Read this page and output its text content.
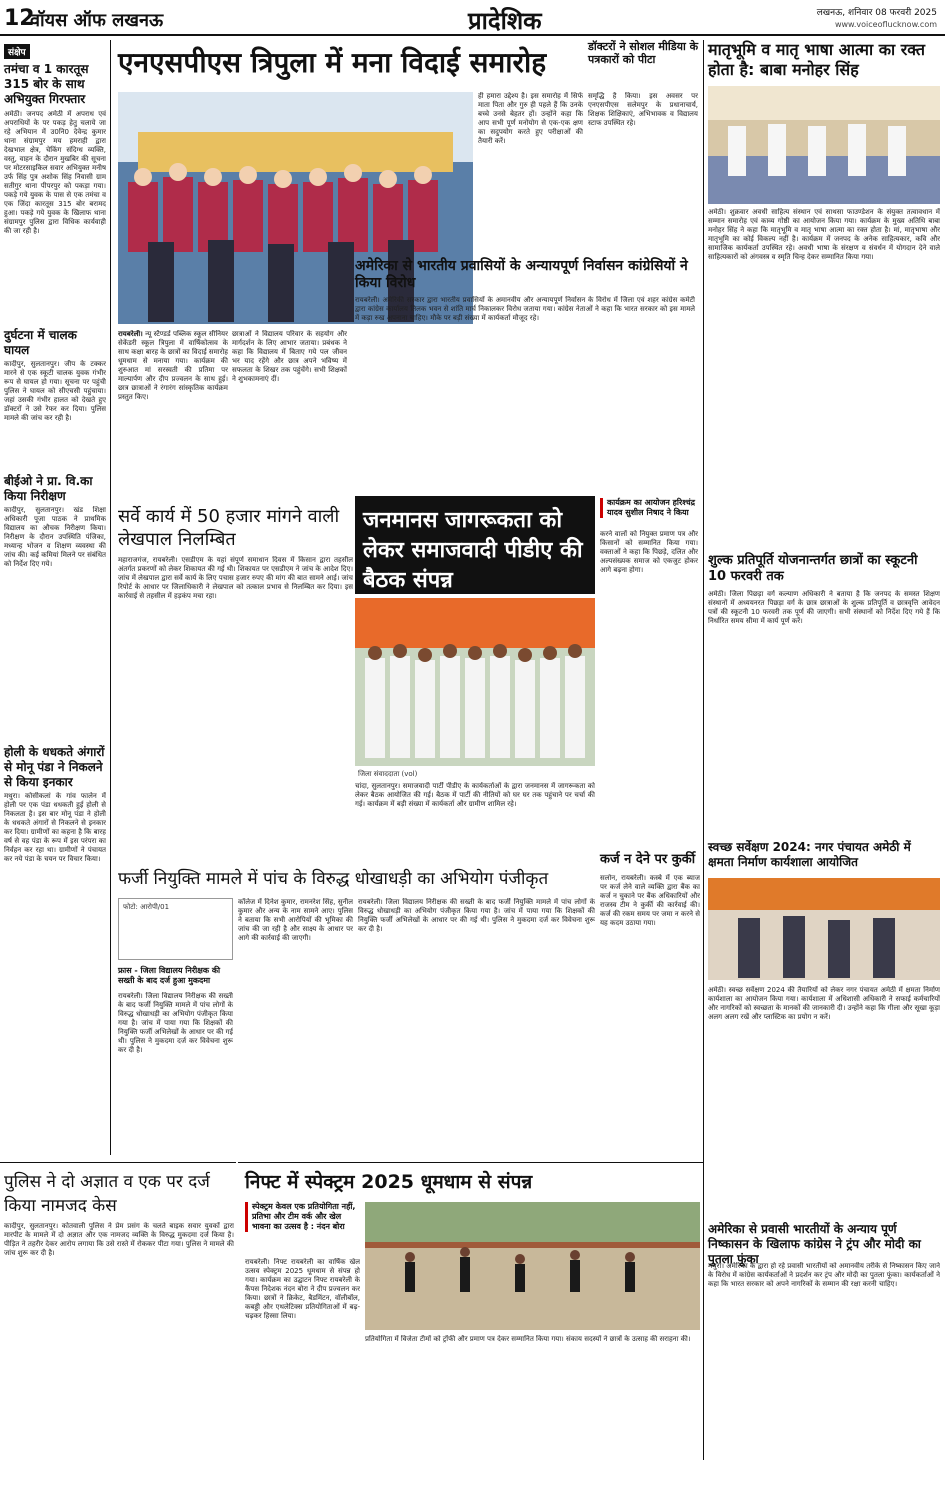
12
वॉयस ऑफ लखनऊ	प्रादेशिक	लखनऊ, शनिवार 08 फरवरी 2025
www.voiceoflucknow.com
संक्षेप
तमंचा व 1 कारतूस 315 बोर के साथ अभियुक्त गिरफ्तार
अमेठी। जनपद अमेठी में अपराध एवं अपराधियों के पर पकड़ हेतु चलाये जा रहे अभियान में उ0नि0 देवेन्द्र कुमार थाना संग्रामपुर मय हमराही द्वारा देखभाल क्षेत्र, चेकिंग संदिग्ध व्यक्ति, वस्तु, वाहन के दौरान मुखबिर की सूचना पर मोटरसाइकिल सवार अभियुक्त मनीष उर्फ सिंह पुत्र अशोक सिंह निवासी ग्राम सतीगुर थाना पीपरपुर को पकड़ा गया। पकड़े गये युवक के पास से एक तमंचा व एक जिंदा कारतूस 315 बोर बरामद हुआ। पकड़े गये युवक के खिलाफ थाना संग्रामपुर पुलिस द्वारा विधिक कार्यवाही की जा रही है।
दुर्घटना में चालक घायल
कादीपुर, सुलतानपुर। जीप के टक्कर मारने से एक स्कूटी चालक युवक गंभीर रूप से घायल हो गया। सूचना पर पहुंची पुलिस ने घायल को सीएचसी पहुंचाया। जहां उसकी गंभीर हालत को देखते हुए डॉक्टरों ने उसे रेफर कर दिया। पुलिस मामले की जांच कर रही है।
बीईओ ने प्रा. वि.का किया निरीक्षण
कादीपुर, सुलतानपुर। खंड शिक्षा अधिकारी पूजा पाठक ने प्राथमिक विद्यालय का औचक निरीक्षण किया। निरीक्षण के दौरान उपस्थिति पंजिका, मध्यान्ह भोजन व शिक्षण व्यवस्था की जांच की। कई कमियां मिलने पर संबंधित को निर्देश दिए गये।
होली के धधकते अंगारों से मोनू पंडा ने निकलने से किया इनकार
मथुरा। कोसीकलां के गांव फालेन में होली पर एक पंडा धधकती हुई होली से निकलता है। इस बार मोनू पंडा ने होली के धधकते अंगारों से निकलने से इनकार कर दिया। ग्रामीणों का कहना है कि बारह वर्ष से वह पंडा के रूप में इस परंपरा का निर्वहन कर रहा था। ग्रामीणों ने पंचायत कर नये पंडा के चयन पर विचार किया।
एनएसपीएस त्रिपुला में मना विदाई समारोह
ही हमारा उद्देश्य है। इस समारोह में सिर्फ माता पिता और गुरु ही पहले हैं कि उनके बच्चे उनसे बेहतर हों। उन्होंने कहा कि आप सभी पूर्ण मनोयोग से एक-एक क्षण का सदुपयोग करते हुए परीक्षाओं की तैयारी करें।
समृद्धि है किया। इस अवसर पर एनएसपीएस सलेमपुर के प्रधानाचार्य, शिक्षक शिक्षिकाएं, अभिभावक व विद्यालय स्टाफ उपस्थित रहे।
रायबरेली। न्यू स्टैण्डर्ड पब्लिक स्कूल सीनियर सेकेंडरी स्कूल त्रिपुला में वार्षिकोत्सव के साथ कक्षा बारह के छात्रों का विदाई समारोह धूमधाम से मनाया गया। कार्यक्रम की शुरुआत मां सरस्वती की प्रतिमा पर माल्यार्पण और दीप प्रज्वलन के साथ हुई। छात्र छात्राओं ने रंगारंग सांस्कृतिक कार्यक्रम प्रस्तुत किए।
छात्राओं ने विद्यालय परिवार के सहयोग और मार्गदर्शन के लिए आभार जताया। प्रबंधक ने कहा कि विद्यालय में बिताए गये पल जीवन भर याद रहेंगे और छात्र अपने भविष्य में सफलता के शिखर तक पहुंचेंगे। सभी शिक्षकों ने शुभकामनाएं दीं।
सर्वे कार्य में 50 हजार मांगने वाली लेखपाल निलम्बित
महाराजगंज, रायबरेली। एसडीएम के यहां संपूर्ण समाधान दिवस में किसान द्वारा तहसील अंतर्गत प्रकरणों को लेकर शिकायत की गई थी। शिकायत पर एसडीएम ने जांच के आदेश दिए। जांच में लेखपाल द्वारा सर्वे कार्य के लिए पचास हजार रुपए की मांग की बात सामने आई। जांच रिपोर्ट के आधार पर जिलाधिकारी ने लेखपाल को तत्काल प्रभाव से निलम्बित कर दिया। इस कार्रवाई से तहसील में हड़कंप मचा रहा।
अमेरिका से भारतीय प्रवासियों के अन्यायपूर्ण निर्वासन कांग्रेसियों ने किया विरोध
रायबरेली। अमेरिकी सरकार द्वारा भारतीय प्रवासियों के अमानवीय और अन्यायपूर्ण निर्वासन के विरोध में जिला एवं शहर कांग्रेस कमेटी द्वारा कांग्रेस कार्यालय तिलक भवन से शांति मार्च निकालकर विरोध जताया गया। कांग्रेस नेताओं ने कहा कि भारत सरकार को इस मामले में कड़ा रुख अपनाना चाहिए। मौके पर बड़ी संख्या में कार्यकर्ता मौजूद रहे।
जनमानस जागरूकता को लेकर समाजवादी पीडीए की बैठक संपन्न
कार्यक्रम का आयोजन हरिश्चंद्र यादव सुशील निषाद ने किया
जिला संवाददाता (vol)
करने वालों को नियुक्त प्रमाण पत्र और किसानों को सम्मानित किया गया। वक्ताओं ने कहा कि पिछड़े, दलित और अल्पसंख्यक समाज को एकजुट होकर आगे बढ़ना होगा।
चांदा, सुलतानपुर। समाजवादी पार्टी पीडीए के कार्यकर्ताओं के द्वारा जनमानस में जागरूकता को लेकर बैठक आयोजित की गई। बैठक में पार्टी की नीतियों को घर घर तक पहुंचाने पर चर्चा की गई। कार्यक्रम में बड़ी संख्या में कार्यकर्ता और ग्रामीण शामिल रहे।
डॉक्टरों ने सोशल मीडिया के पत्रकारों को पीटा
कर्ज न देने पर कुर्की
सलोन, रायबरेली। कस्बे में एक ब्याज पर कर्ज लेने वाले व्यक्ति द्वारा बैंक का कर्ज न चुकाने पर बैंक अधिकारियों और राजस्व टीम ने कुर्की की कार्रवाई की। कर्ज की रकम समय पर जमा न करने से यह कदम उठाया गया।
फर्जी नियुक्ति मामले में पांच के विरुद्ध धोखाधड़ी का अभियोग पंजीकृत
फोटो: आरोपी/01
फ्रास - जिला विद्यालय निरीक्षक की सख्ती के बाद दर्ज हुआ मुकदमा
रायबरेली। जिला विद्यालय निरीक्षक की सख्ती के बाद फर्जी नियुक्ति मामले में पांच लोगों के विरुद्ध धोखाधड़ी का अभियोग पंजीकृत किया गया है। जांच में पाया गया कि शिक्षकों की नियुक्ति फर्जी अभिलेखों के आधार पर की गई थी। पुलिस ने मुकदमा दर्ज कर विवेचना शुरू कर दी है।
कॉलेज में दिनेश कुमार, रामनरेश सिंह, सुनील कुमार और अन्य के नाम सामने आए। पुलिस ने बताया कि सभी आरोपियों की भूमिका की जांच की जा रही है और साक्ष्य के आधार पर आगे की कार्रवाई की जाएगी।
रायबरेली। जिला विद्यालय निरीक्षक की सख्ती के बाद फर्जी नियुक्ति मामले में पांच लोगों के विरुद्ध धोखाधड़ी का अभियोग पंजीकृत किया गया है। जांच में पाया गया कि शिक्षकों की नियुक्ति फर्जी अभिलेखों के आधार पर की गई थी। पुलिस ने मुकदमा दर्ज कर विवेचना शुरू कर दी है।
पुलिस ने दो अज्ञात व एक पर दर्ज किया नामजद केस
कादीपुर, सुलतानपुर। कोतवाली पुलिस ने प्रेम प्रसंग के चलते बाइक सवार युवकों द्वारा मारपीट के मामले में दो अज्ञात और एक नामजद व्यक्ति के विरुद्ध मुकदमा दर्ज किया है। पीड़ित ने तहरीर देकर आरोप लगाया कि उसे रास्ते में रोककर पीटा गया। पुलिस ने मामले की जांच शुरू कर दी है।
निफ्ट में स्पेक्ट्रम 2025 धूमधाम से संपन्न
स्पेक्ट्रम केवल एक प्रतियोगिता नहीं, प्रतिभा और टीम वर्क और खेल भावना का उत्सव है : नंदन बोरा
रायबरेली। निफ्ट रायबरेली का वार्षिक खेल उत्सव स्पेक्ट्रम 2025 धूमधाम से संपन्न हो गया। कार्यक्रम का उद्घाटन निफ्ट रायबरेली के कैंपस निदेशक नंदन बोरा ने दीप प्रज्वलन कर किया। छात्रों ने क्रिकेट, बैडमिंटन, वॉलीबॉल, कबड्डी और एथलेटिक्स प्रतियोगिताओं में बढ़-चढ़कर हिस्सा लिया।
प्रतियोगिता में विजेता टीमों को ट्रॉफी और प्रमाण पत्र देकर सम्मानित किया गया। संकाय सदस्यों ने छात्रों के उत्साह की सराहना की।
मातृभूमि व मातृ भाषा आत्मा का रक्त होता है: बाबा मनोहर सिंह
अमेठी। शुक्रवार अवधी साहित्य संस्थान एवं साथसा फाउण्डेशन के संयुक्त तत्वावधान में सम्मान समारोह एवं काव्य गोष्ठी का आयोजन किया गया। कार्यक्रम के मुख्य अतिथि बाबा मनोहर सिंह ने कहा कि मातृभूमि व मातृ भाषा आत्मा का रक्त होता है। मां, मातृभाषा और मातृभूमि का कोई विकल्प नहीं है। कार्यक्रम में जनपद के अनेक साहित्यकार, कवि और सामाजिक कार्यकर्ता उपस्थित रहे। अवधी भाषा के संरक्षण व संवर्धन में योगदान देने वाले साहित्यकारों को अंगवस्त्र व स्मृति चिन्ह देकर सम्मानित किया गया।
शुल्क प्रतिपूर्ति योजनान्तर्गत छात्रों का स्कूटनी 10 फरवरी तक
अमेठी। जिला पिछड़ा वर्ग कल्याण अधिकारी ने बताया है कि जनपद के समस्त शिक्षण संस्थानों में अध्ययनरत पिछड़ा वर्ग के छात्र छात्राओं के शुल्क प्रतिपूर्ति व छात्रवृत्ति आवेदन पत्रों की स्कूटनी 10 फरवरी तक पूर्ण की जाएगी। सभी संस्थानों को निर्देश दिए गये हैं कि निर्धारित समय सीमा में कार्य पूर्ण करें।
स्वच्छ सर्वेक्षण 2024: नगर पंचायत अमेठी में क्षमता निर्माण कार्यशाला आयोजित
अमेठी। स्वच्छ सर्वेक्षण 2024 की तैयारियों को लेकर नगर पंचायत अमेठी में क्षमता निर्माण कार्यशाला का आयोजन किया गया। कार्यशाला में अधिशासी अधिकारी ने सफाई कर्मचारियों और नागरिकों को स्वच्छता के मानकों की जानकारी दी। उन्होंने कहा कि गीला और सूखा कूड़ा अलग अलग रखें और प्लास्टिक का प्रयोग न करें।
अमेरिका से प्रवासी भारतीयों के अन्याय पूर्ण निष्कासन के खिलाफ कांग्रेस ने ट्रंप और मोदी का पुतला फूंका
मथुरा। अमेरिका के द्वारा हो रहे प्रवासी भारतीयों को अमानवीय तरीके से निष्कासन किए जाने के विरोध में कांग्रेस कार्यकर्ताओं ने प्रदर्शन कर ट्रंप और मोदी का पुतला फूंका। कार्यकर्ताओं ने कहा कि भारत सरकार को अपने नागरिकों के सम्मान की रक्षा करनी चाहिए।
